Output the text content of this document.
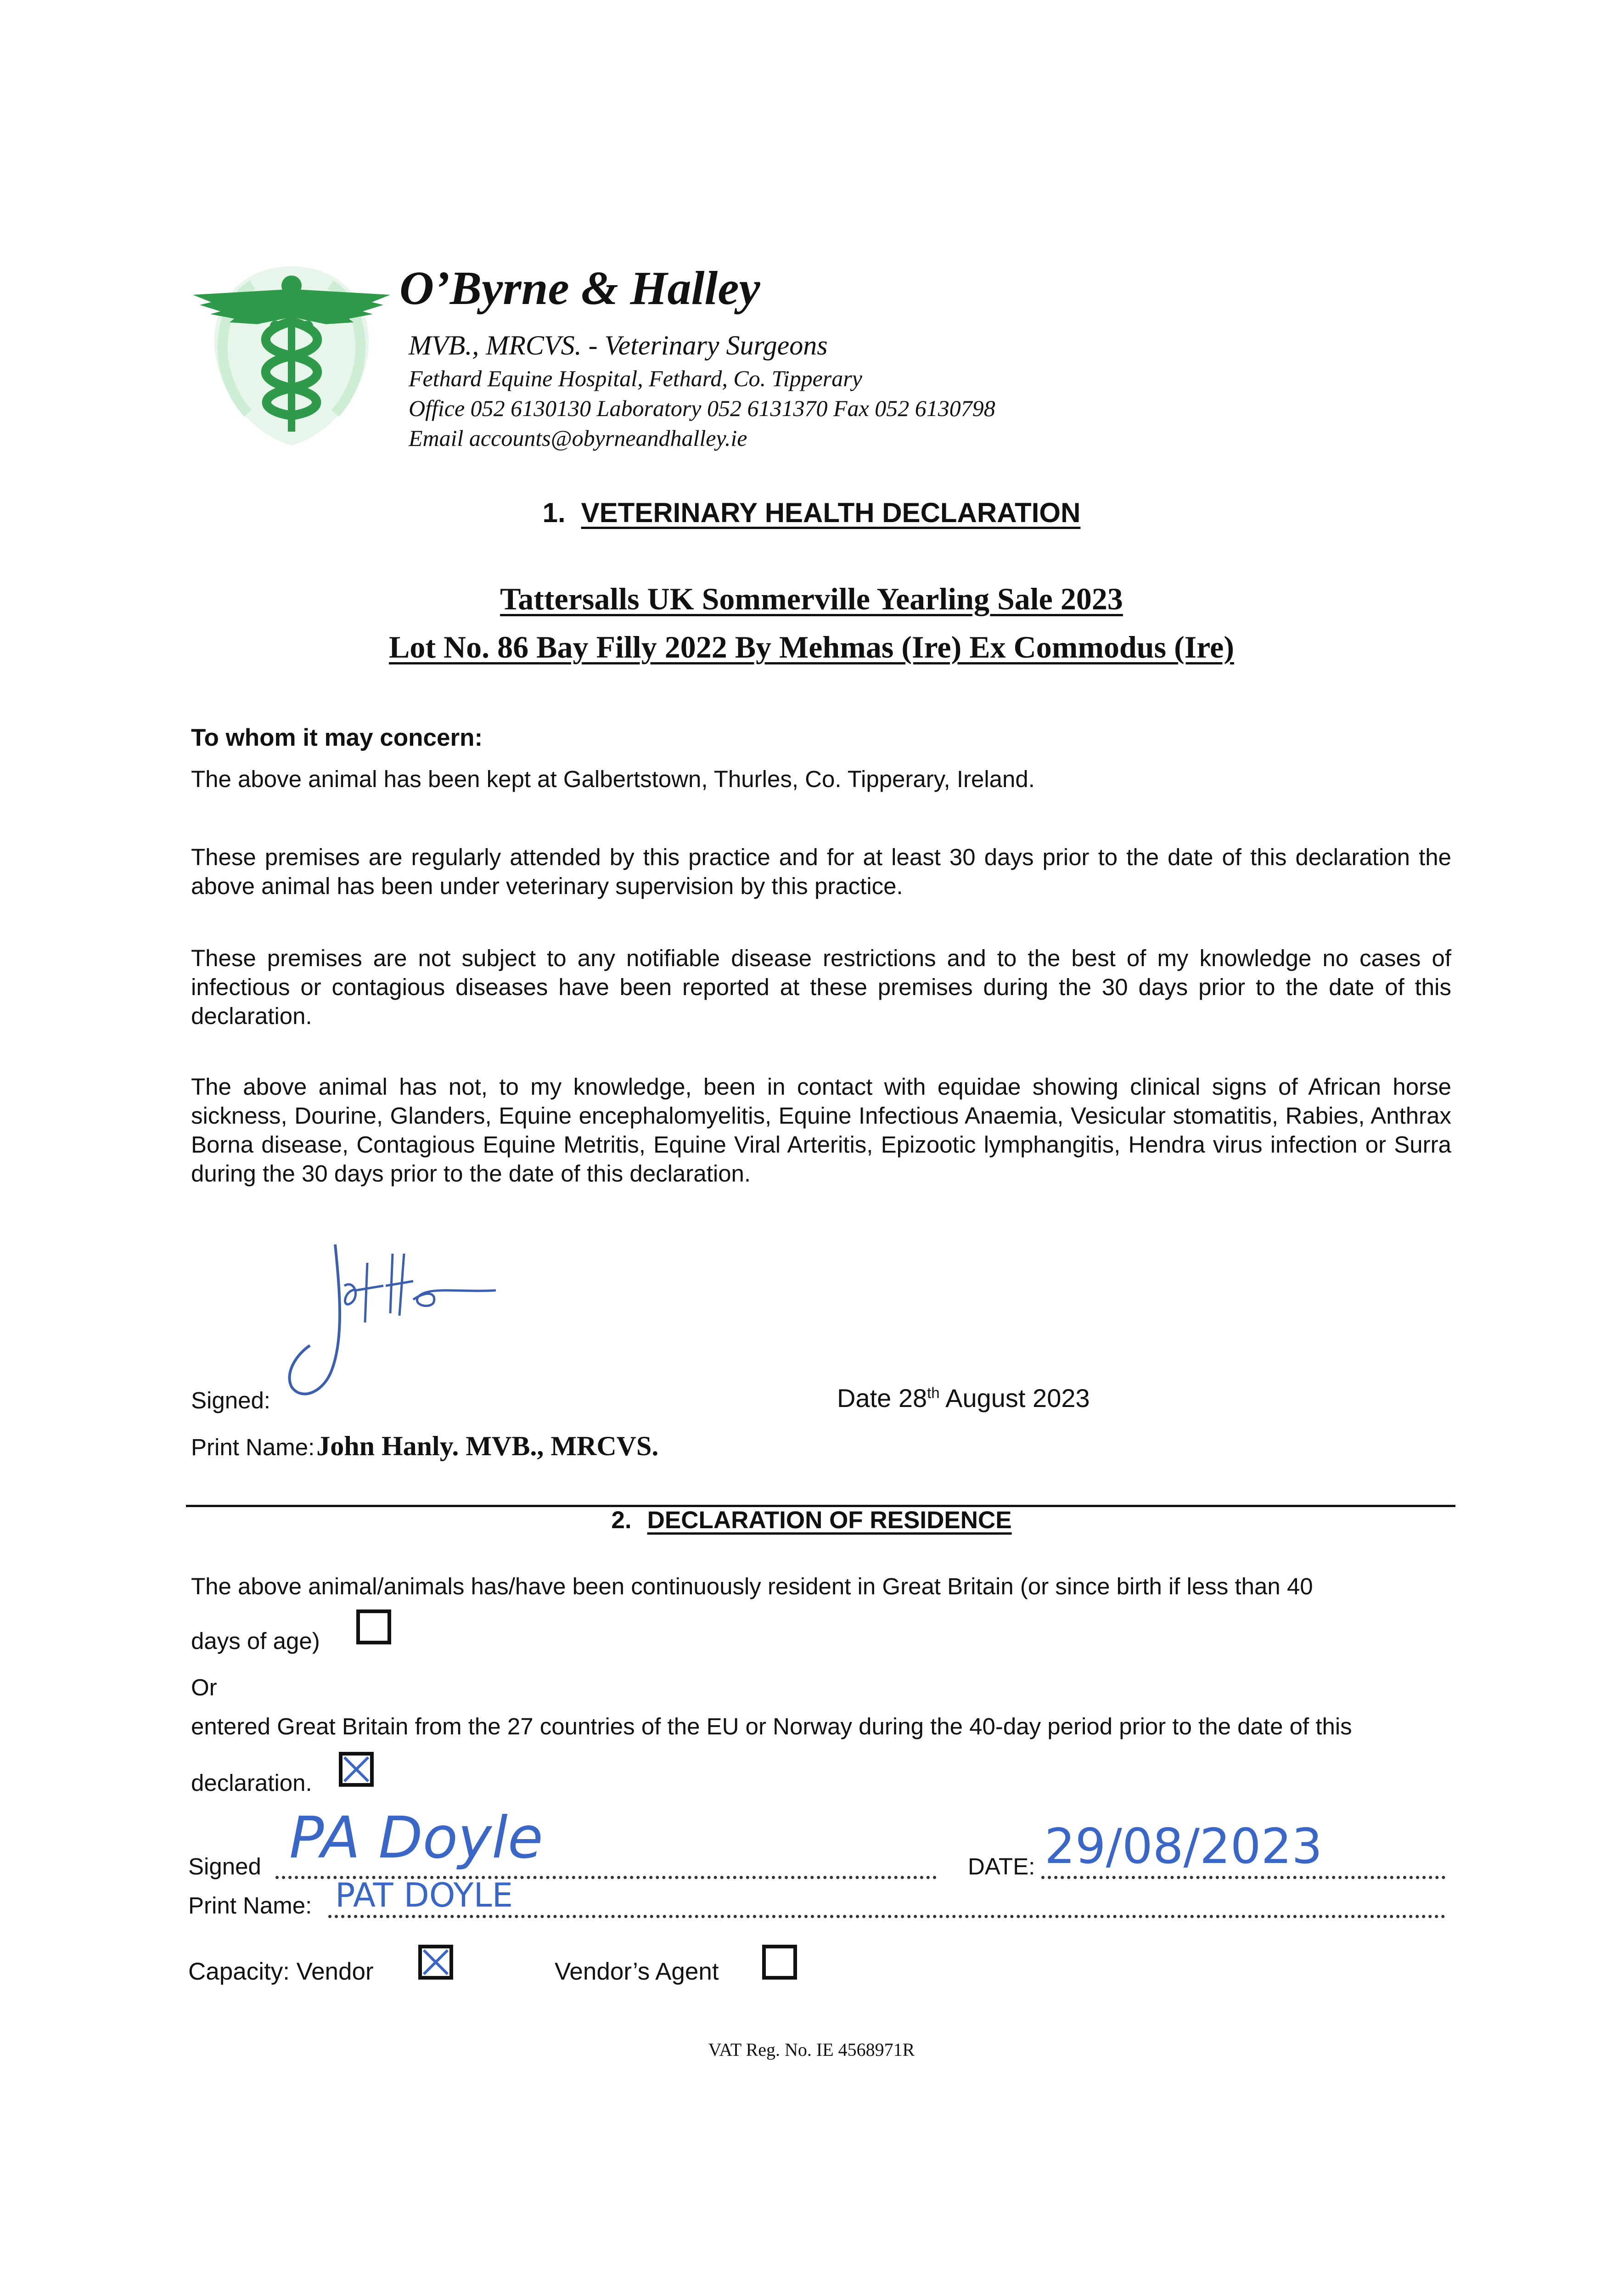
O’Byrne & Halley
MVB., MRCVS. - Veterinary Surgeons
Fethard Equine Hospital, Fethard, Co. Tipperary
Office 052 6130130 Laboratory 052 6131370 Fax 052 6130798
Email accounts@obyrneandhalley.ie
1. VETERINARY HEALTH DECLARATION
Tattersalls UK Sommerville Yearling Sale 2023
Lot No. 86 Bay Filly 2022 By Mehmas (Ire) Ex Commodus (Ire)
To whom it may concern:
The above animal has been kept at Galbertstown, Thurles, Co. Tipperary, Ireland.
These premises are regularly attended by this practice and for at least 30 days prior to the date of this declaration the above animal has been under veterinary supervision by this practice.
These premises are not subject to any notifiable disease restrictions and to the best of my knowledge no cases of infectious or contagious diseases have been reported at these premises during the 30 days prior to the date of this declaration.
The above animal has not, to my knowledge, been in contact with equidae showing clinical signs of African horse sickness, Dourine, Glanders, Equine encephalomyelitis, Equine Infectious Anaemia, Vesicular stomatitis, Rabies, Anthrax Borna disease, Contagious Equine Metritis, Equine Viral Arteritis, Epizootic lymphangitis, Hendra virus infection or Surra during the 30 days prior to the date of this declaration.
Signed:	Date 28th August 2023
Print Name: John Hanly. MVB., MRCVS.
2. DECLARATION OF RESIDENCE
The above animal/animals has/have been continuously resident in Great Britain (or since birth if less than 40
days of age)
Or
entered Great Britain from the 27 countries of the EU or Norway during the 40-day period prior to the date of this
declaration.
Signed PA Doyle	DATE: 29/08/2023
Print Name: PAT DOYLE
Capacity: Vendor	Vendor’s Agent
VAT Reg. No. IE 4568971R
